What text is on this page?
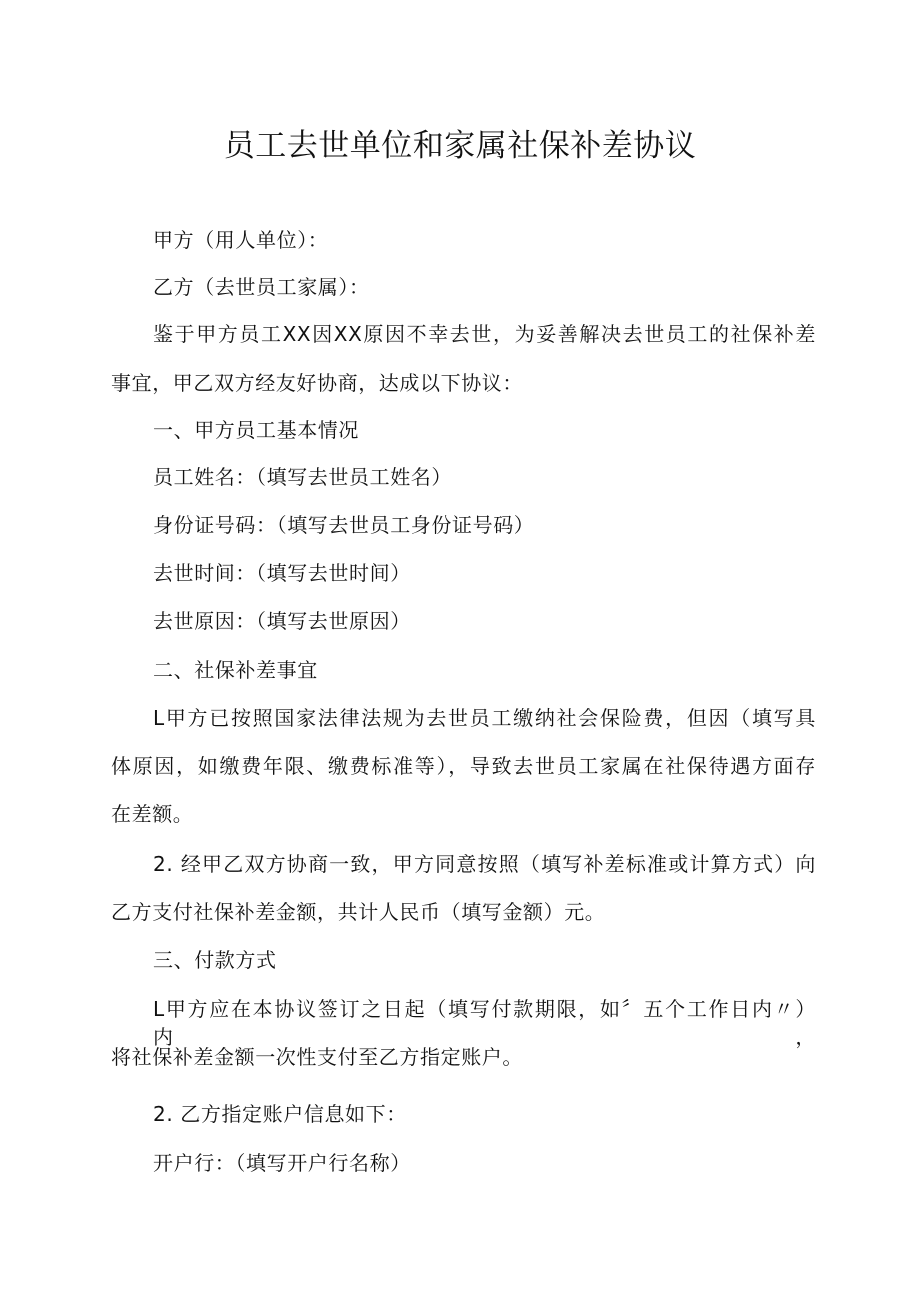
员工去世单位和家属社保补差协议

甲方（用人单位）：

乙方（去世员工家属）：

鉴于甲方员工XX因XX原因不幸去世，为妥善解决去世员工的社保补差

事宜，甲乙双方经友好协商，达成以下协议：

一、甲方员工基本情况

员工姓名：（填写去世员工姓名）

身份证号码：（填写去世员工身份证号码）

去世时间：（填写去世时间）

去世原因：（填写去世原因）

二、社保补差事宜

L甲方已按照国家法律法规为去世员工缴纳社会保险费，但因（填写具

体原因，如缴费年限、缴费标准等），导致去世员工家属在社保待遇方面存

在差额。

2. 经甲乙双方协商一致，甲方同意按照（填写补差标准或计算方式）向

乙方支付社保补差金额，共计人民币（填写金额）元。

三、付款方式

L甲方应在本协议签订之日起（填写付款期限，如〞五个工作日内〃）内，

将社保补差金额一次性支付至乙方指定账户。

2. 乙方指定账户信息如下：

开户行：（填写开户行名称）
